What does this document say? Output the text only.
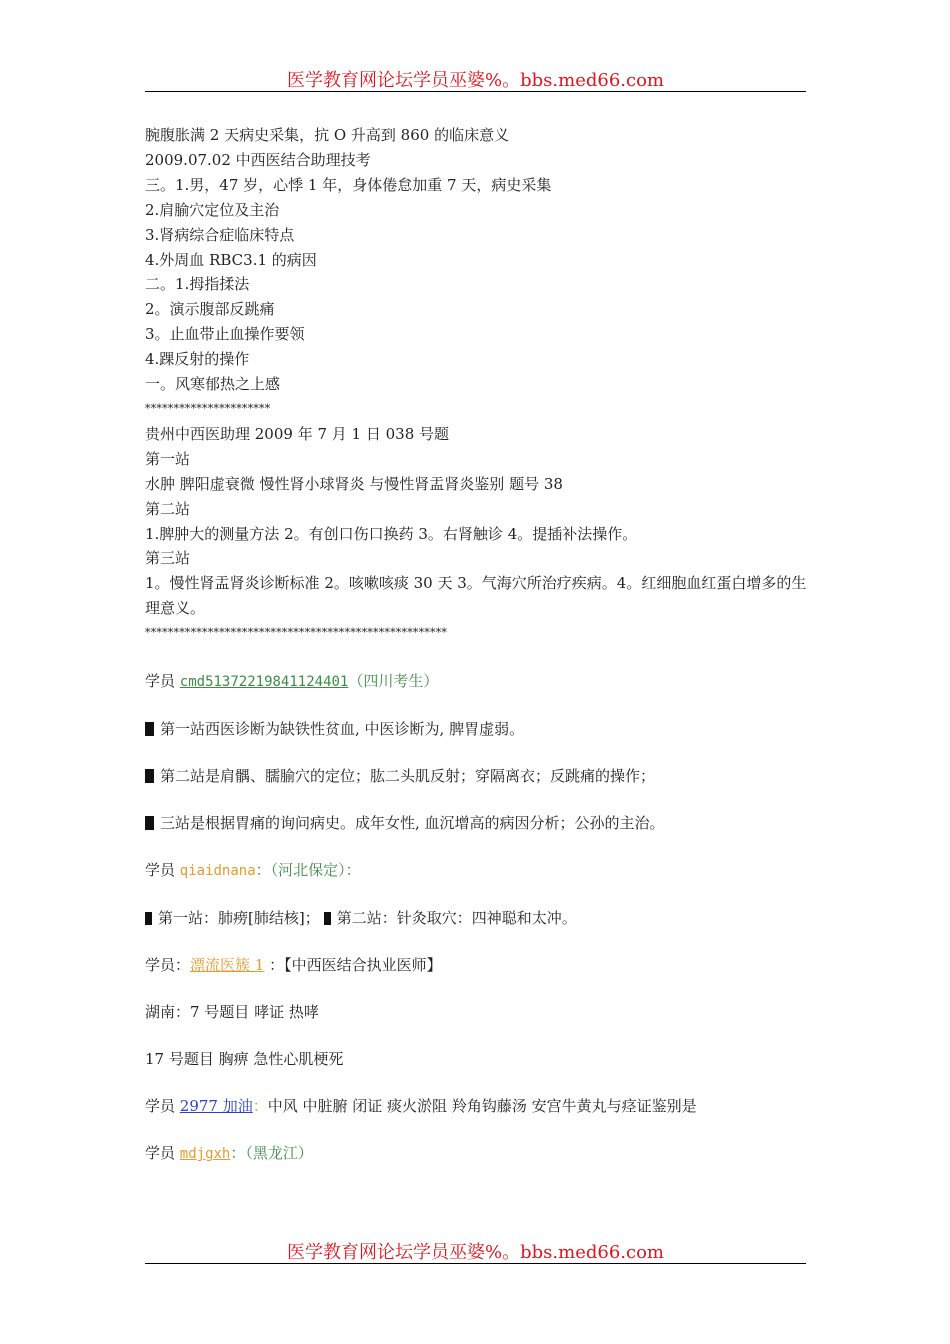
医学教育网论坛学员巫婆%。bbs.med66.com
腕腹胀满 2 天病史采集，抗 O 升高到 860 的临床意义
2009.07.02 中西医结合助理技考
三。1.男，47 岁，心悸 1 年，身体倦怠加重 7 天，病史采集
2.肩腧穴定位及主治
3.肾病综合症临床特点
4.外周血 RBC3.1 的病因
二。1.拇指揉法
2。演示腹部反跳痛
3。止血带止血操作要领
4.踝反射的操作
一。风寒郁热之上感
**********************
贵州中西医助理 2009 年 7 月 1 日 038 号题
第一站
水肿 脾阳虚衰微 慢性肾小球肾炎 与慢性肾盂肾炎鉴别 题号 38
第二站
1.脾肿大的测量方法 2。有创口伤口换药 3。右肾触诊 4。提插补法操作。
第三站
1。慢性肾盂肾炎诊断标准 2。咳嗽咳痰 30 天 3。气海穴所治疗疾病。4。红细胞血红蛋白增多的生理意义。
*****************************************************
学员 cmd51372219841124401（四川考生）
第一站西医诊断为缺铁性贫血, 中医诊断为, 脾胃虚弱。
第二站是肩髃、臑腧穴的定位；肱二头肌反射；穿隔离衣；反跳痛的操作；
三站是根据胃痛的询问病史。成年女性, 血沉增高的病因分析；公孙的主治。
学员 qiaidnana：（河北保定）：
第一站：肺痨[肺结核]； 第二站：针灸取穴：四神聪和太冲。
学员：漂流医簇 1 ：【中西医结合执业医师】
湖南：7 号题目 哮证 热哮
17 号题目 胸痹 急性心肌梗死
学员 2977 加油：中风 中脏腑 闭证 痰火淤阻 羚角钩藤汤 安宫牛黄丸与痉证鉴别是
学员 mdjgxh：（黑龙江）
医学教育网论坛学员巫婆%。bbs.med66.com
